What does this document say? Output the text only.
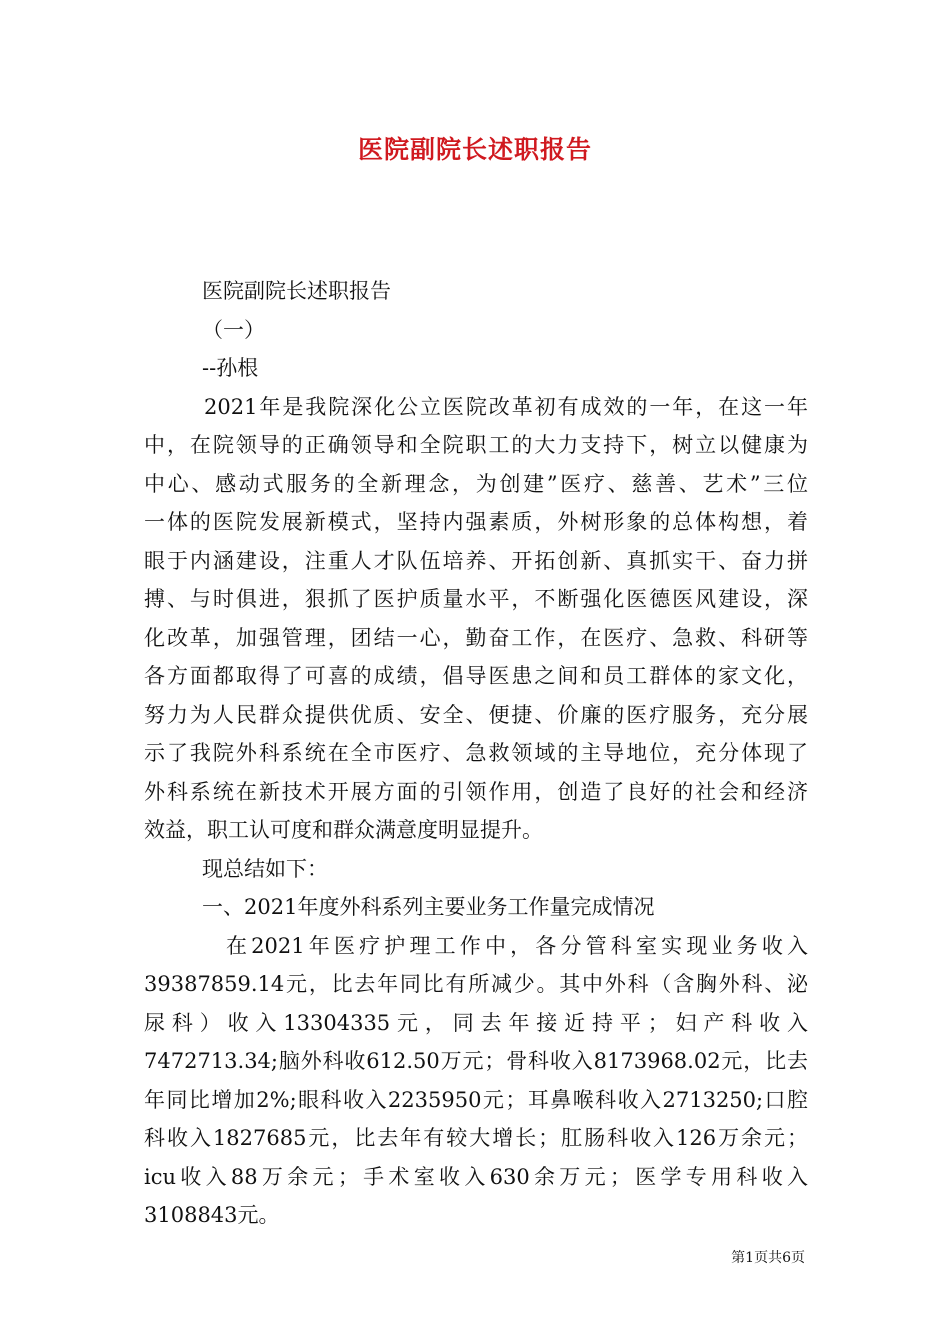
医院副院长述职报告
医院副院长述职报告
（一）
--孙根
2021年是我院深化公立医院改革初有成效的一年，在这一年
中，在院领导的正确领导和全院职工的大力支持下，树立以健康为
中心、感动式服务的全新理念，为创建”医疗、慈善、艺术”三位
一体的医院发展新模式，坚持内强素质，外树形象的总体构想，着
眼于内涵建设，注重人才队伍培养、开拓创新、真抓实干、奋力拼
搏、与时俱进，狠抓了医护质量水平，不断强化医德医风建设，深
化改革，加强管理，团结一心，勤奋工作，在医疗、急救、科研等
各方面都取得了可喜的成绩，倡导医患之间和员工群体的家文化，
努力为人民群众提供优质、安全、便捷、价廉的医疗服务，充分展
示了我院外科系统在全市医疗、急救领域的主导地位，充分体现了
外科系统在新技术开展方面的引领作用，创造了良好的社会和经济
效益，职工认可度和群众满意度明显提升。
现总结如下：
一、2021年度外科系列主要业务工作量完成情况
在2021年医疗护理工作中，各分管科室实现业务收入
39387859.14元，比去年同比有所减少。其中外科（含胸外科、泌
尿科）收入13304335元，同去年接近持平；妇产科收入
7472713.34;脑外科收612.50万元；骨科收入8173968.02元，比去
年同比增加2%;眼科收入2235950元；耳鼻喉科收入2713250;口腔
科收入1827685元，比去年有较大增长；肛肠科收入126万余元；
icu收入88万余元；手术室收入630余万元；医学专用科收入
3108843元。
第1页共6页
